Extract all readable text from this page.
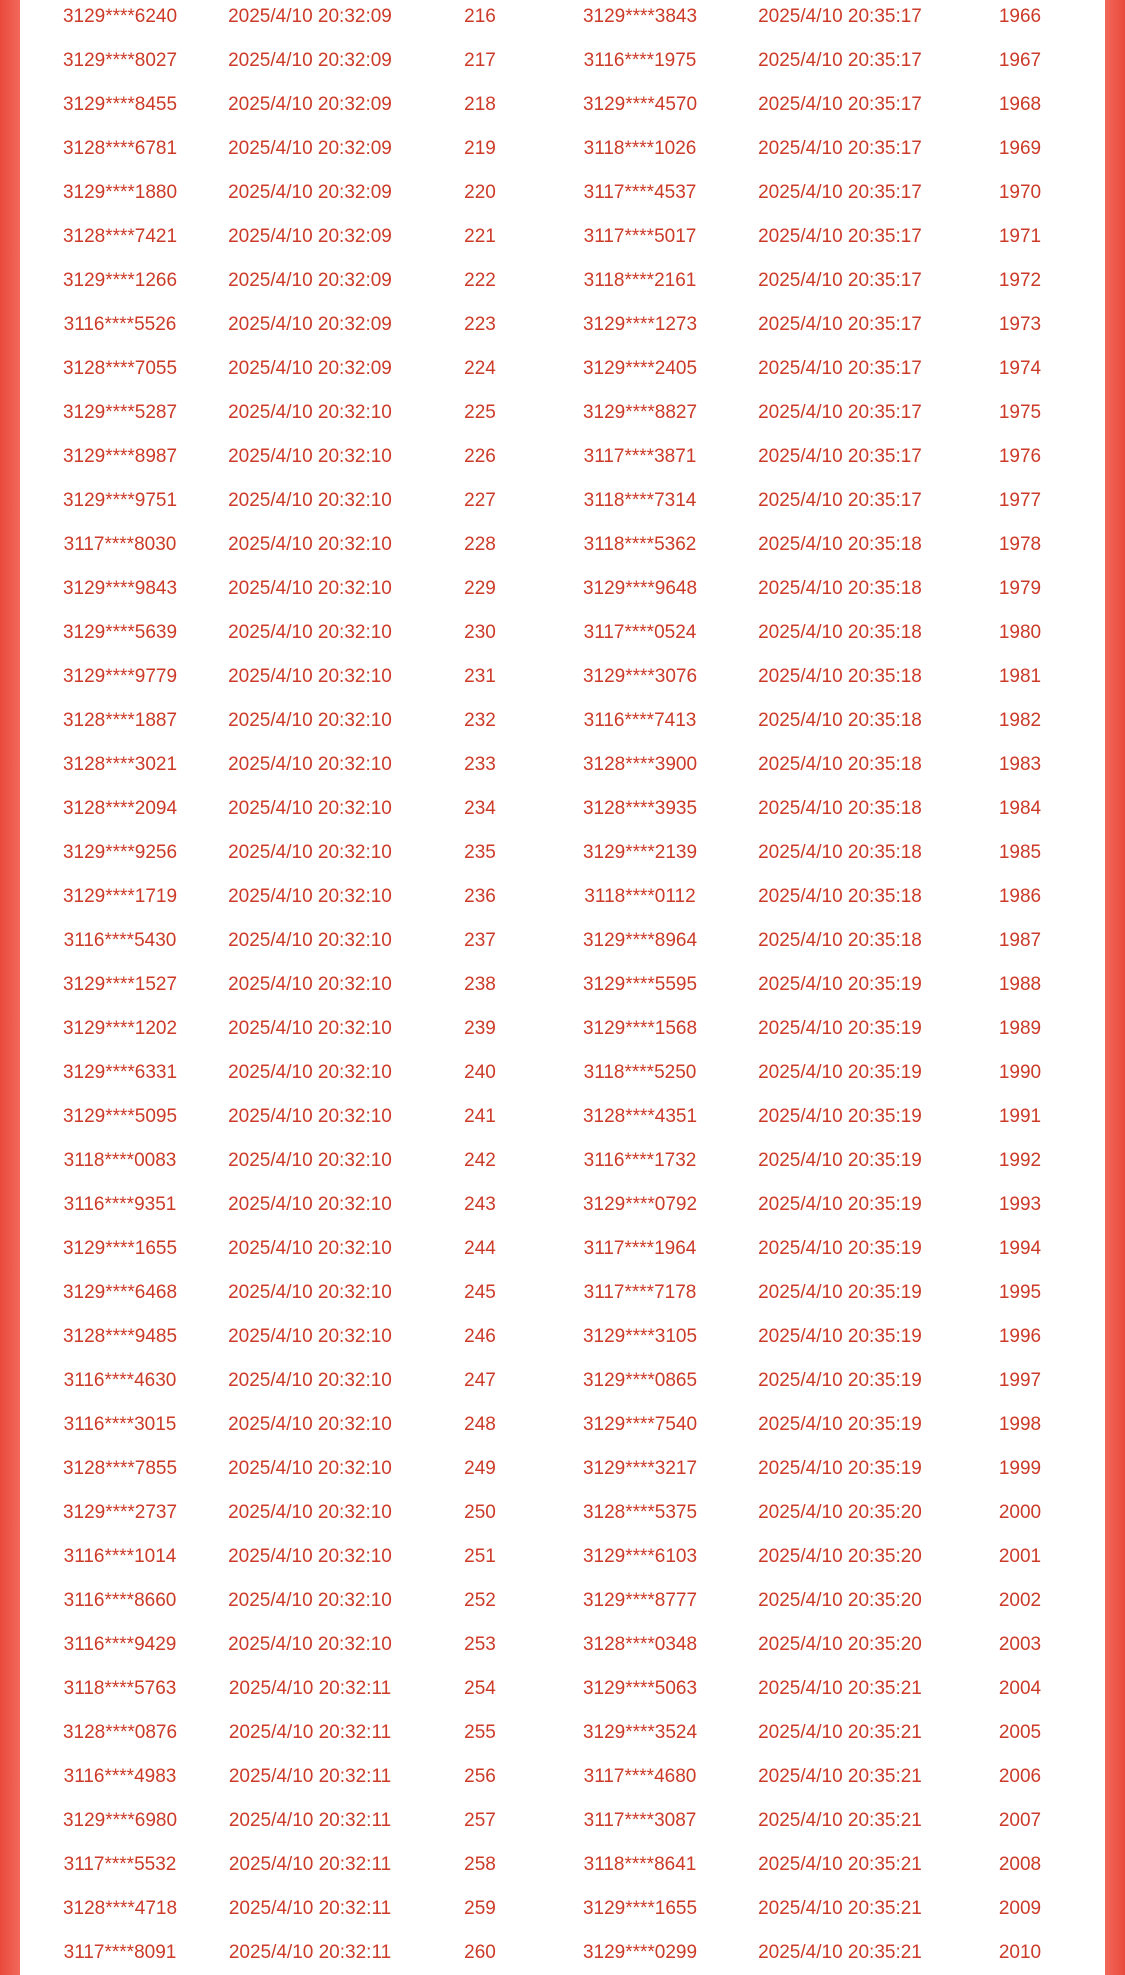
3129****6240	2025/4/10 20:32:09	216	3129****3843	2025/4/10 20:35:17	1966
3129****8027	2025/4/10 20:32:09	217	3116****1975	2025/4/10 20:35:17	1967
3129****8455	2025/4/10 20:32:09	218	3129****4570	2025/4/10 20:35:17	1968
3128****6781	2025/4/10 20:32:09	219	3118****1026	2025/4/10 20:35:17	1969
3129****1880	2025/4/10 20:32:09	220	3117****4537	2025/4/10 20:35:17	1970
3128****7421	2025/4/10 20:32:09	221	3117****5017	2025/4/10 20:35:17	1971
3129****1266	2025/4/10 20:32:09	222	3118****2161	2025/4/10 20:35:17	1972
3116****5526	2025/4/10 20:32:09	223	3129****1273	2025/4/10 20:35:17	1973
3128****7055	2025/4/10 20:32:09	224	3129****2405	2025/4/10 20:35:17	1974
3129****5287	2025/4/10 20:32:10	225	3129****8827	2025/4/10 20:35:17	1975
3129****8987	2025/4/10 20:32:10	226	3117****3871	2025/4/10 20:35:17	1976
3129****9751	2025/4/10 20:32:10	227	3118****7314	2025/4/10 20:35:17	1977
3117****8030	2025/4/10 20:32:10	228	3118****5362	2025/4/10 20:35:18	1978
3129****9843	2025/4/10 20:32:10	229	3129****9648	2025/4/10 20:35:18	1979
3129****5639	2025/4/10 20:32:10	230	3117****0524	2025/4/10 20:35:18	1980
3129****9779	2025/4/10 20:32:10	231	3129****3076	2025/4/10 20:35:18	1981
3128****1887	2025/4/10 20:32:10	232	3116****7413	2025/4/10 20:35:18	1982
3128****3021	2025/4/10 20:32:10	233	3128****3900	2025/4/10 20:35:18	1983
3128****2094	2025/4/10 20:32:10	234	3128****3935	2025/4/10 20:35:18	1984
3129****9256	2025/4/10 20:32:10	235	3129****2139	2025/4/10 20:35:18	1985
3129****1719	2025/4/10 20:32:10	236	3118****0112	2025/4/10 20:35:18	1986
3116****5430	2025/4/10 20:32:10	237	3129****8964	2025/4/10 20:35:18	1987
3129****1527	2025/4/10 20:32:10	238	3129****5595	2025/4/10 20:35:19	1988
3129****1202	2025/4/10 20:32:10	239	3129****1568	2025/4/10 20:35:19	1989
3129****6331	2025/4/10 20:32:10	240	3118****5250	2025/4/10 20:35:19	1990
3129****5095	2025/4/10 20:32:10	241	3128****4351	2025/4/10 20:35:19	1991
3118****0083	2025/4/10 20:32:10	242	3116****1732	2025/4/10 20:35:19	1992
3116****9351	2025/4/10 20:32:10	243	3129****0792	2025/4/10 20:35:19	1993
3129****1655	2025/4/10 20:32:10	244	3117****1964	2025/4/10 20:35:19	1994
3129****6468	2025/4/10 20:32:10	245	3117****7178	2025/4/10 20:35:19	1995
3128****9485	2025/4/10 20:32:10	246	3129****3105	2025/4/10 20:35:19	1996
3116****4630	2025/4/10 20:32:10	247	3129****0865	2025/4/10 20:35:19	1997
3116****3015	2025/4/10 20:32:10	248	3129****7540	2025/4/10 20:35:19	1998
3128****7855	2025/4/10 20:32:10	249	3129****3217	2025/4/10 20:35:19	1999
3129****2737	2025/4/10 20:32:10	250	3128****5375	2025/4/10 20:35:20	2000
3116****1014	2025/4/10 20:32:10	251	3129****6103	2025/4/10 20:35:20	2001
3116****8660	2025/4/10 20:32:10	252	3129****8777	2025/4/10 20:35:20	2002
3116****9429	2025/4/10 20:32:10	253	3128****0348	2025/4/10 20:35:20	2003
3118****5763	2025/4/10 20:32:11	254	3129****5063	2025/4/10 20:35:21	2004
3128****0876	2025/4/10 20:32:11	255	3129****3524	2025/4/10 20:35:21	2005
3116****4983	2025/4/10 20:32:11	256	3117****4680	2025/4/10 20:35:21	2006
3129****6980	2025/4/10 20:32:11	257	3117****3087	2025/4/10 20:35:21	2007
3117****5532	2025/4/10 20:32:11	258	3118****8641	2025/4/10 20:35:21	2008
3128****4718	2025/4/10 20:32:11	259	3129****1655	2025/4/10 20:35:21	2009
3117****8091	2025/4/10 20:32:11	260	3129****0299	2025/4/10 20:35:21	2010
